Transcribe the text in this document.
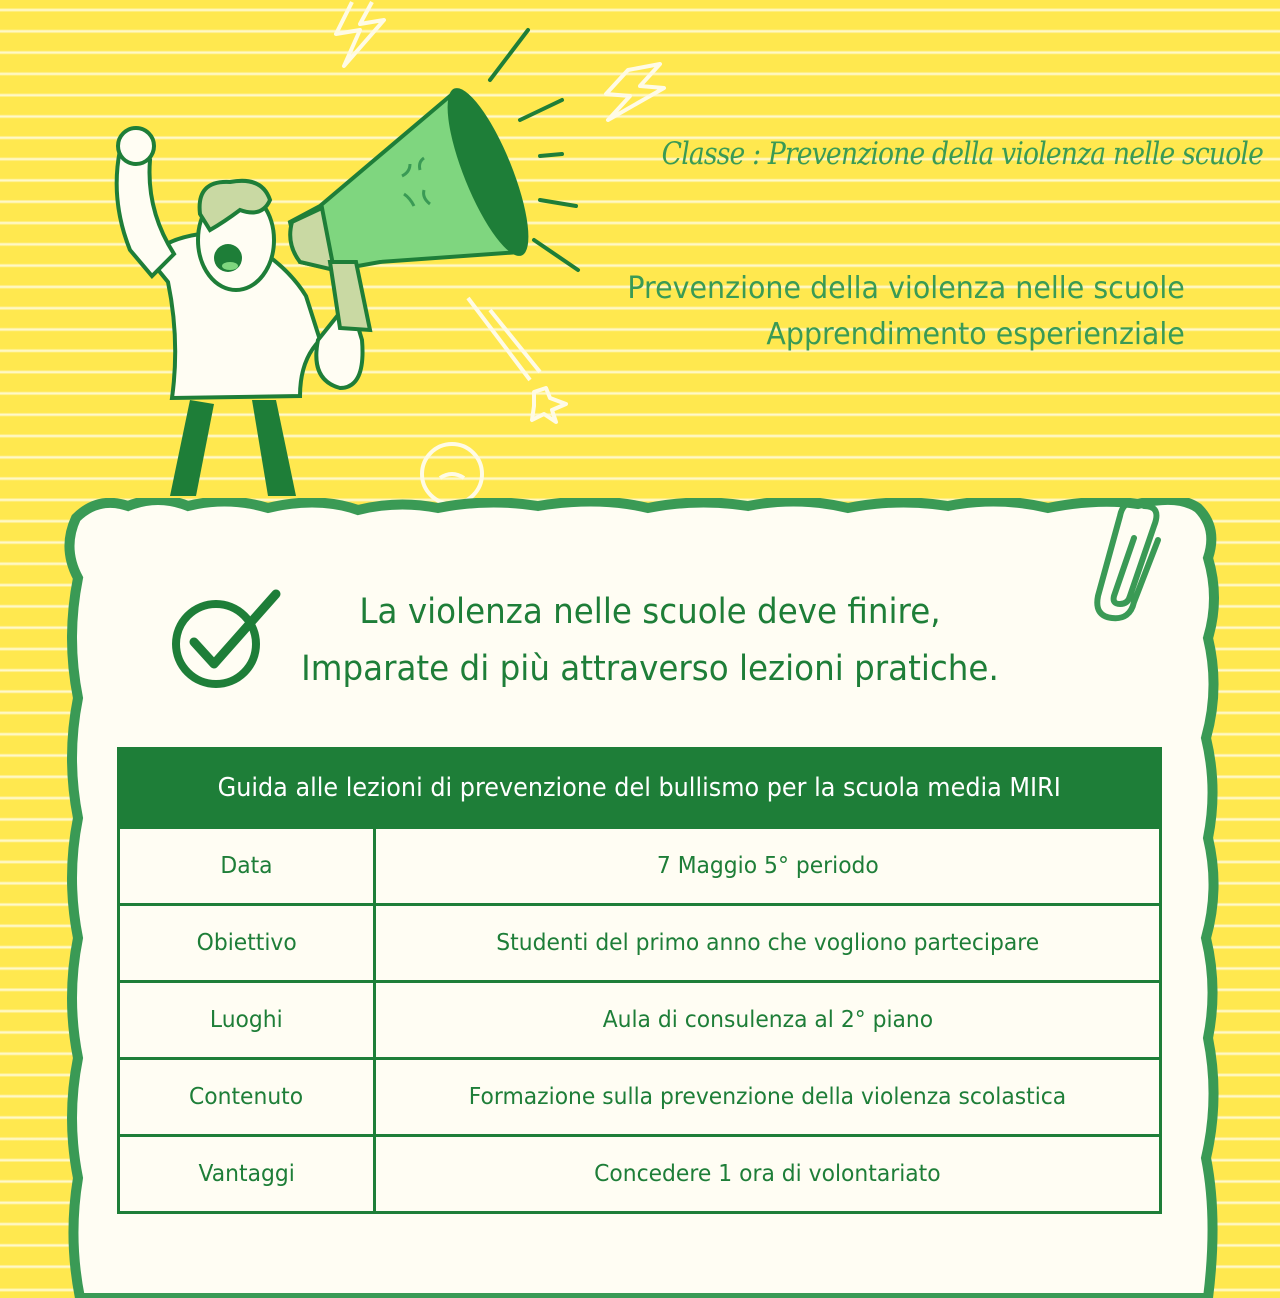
Classe : Prevenzione della violenza nelle scuole
Prevenzione della violenza nelle scuole
Apprendimento esperienziale
La violenza nelle scuole deve finire,
Imparate di più attraverso lezioni pratiche.
Guida alle lezioni di prevenzione del bullismo per la scuola media MIRI
Data	7 Maggio 5° periodo
Obiettivo	Studenti del primo anno che vogliono partecipare
Luoghi	Aula di consulenza al 2° piano
Contenuto	Formazione sulla prevenzione della violenza scolastica
Vantaggi	Concedere 1 ora di volontariato
